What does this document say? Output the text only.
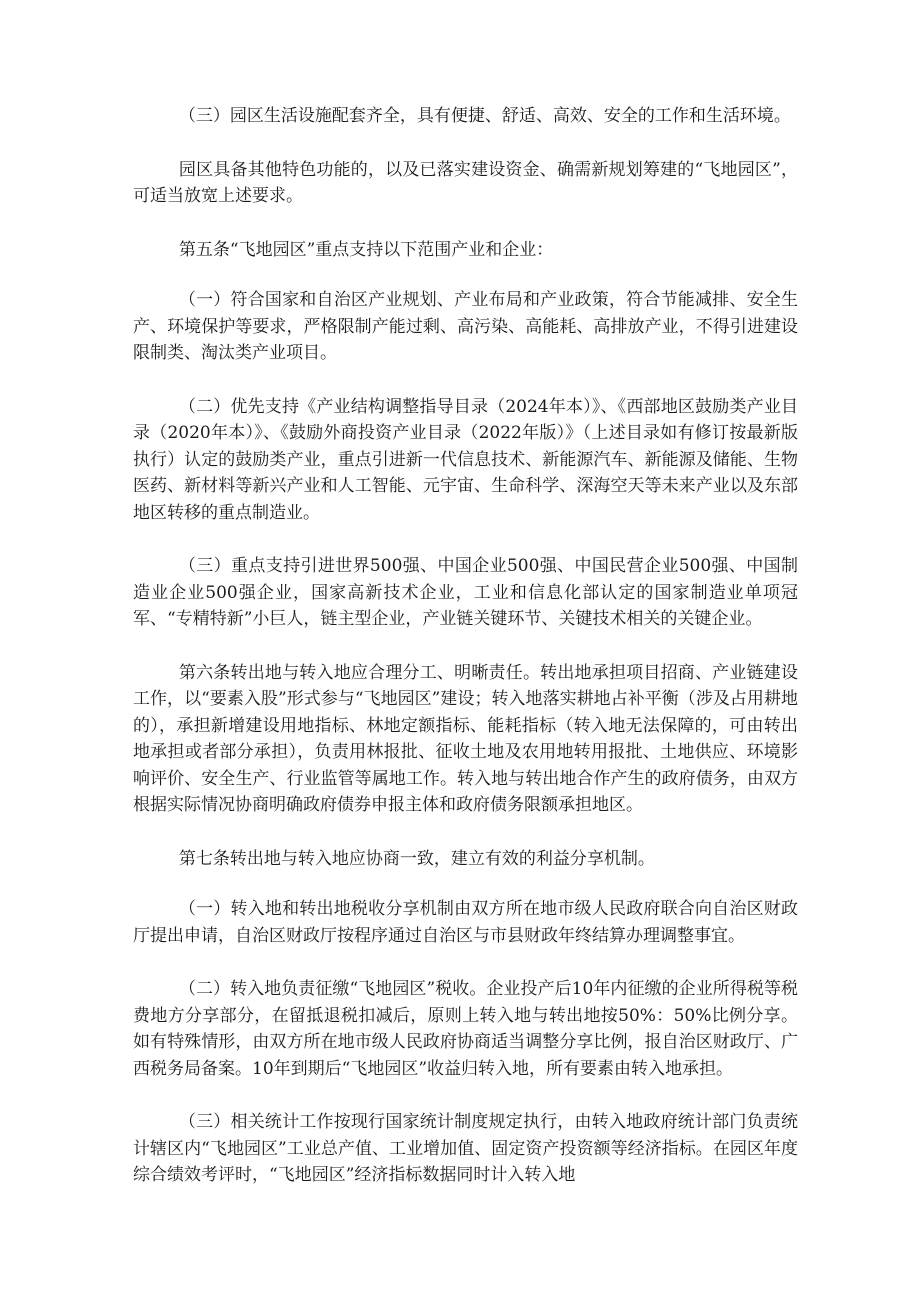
（三）园区生活设施配套齐全，具有便捷、舒适、高效、安全的工作和生活环境。

园区具备其他特色功能的，以及已落实建设资金、确需新规划筹建的“飞地园区”，可适当放宽上述要求。

第五条“飞地园区”重点支持以下范围产业和企业：

（一）符合国家和自治区产业规划、产业布局和产业政策，符合节能减排、安全生产、环境保护等要求，严格限制产能过剩、高污染、高能耗、高排放产业，不得引进建设限制类、淘汰类产业项目。

（二）优先支持《产业结构调整指导目录（2024年本）》、《西部地区鼓励类产业目录（2020年本）》、《鼓励外商投资产业目录（2022年版）》（上述目录如有修订按最新版执行）认定的鼓励类产业，重点引进新一代信息技术、新能源汽车、新能源及储能、生物医药、新材料等新兴产业和人工智能、元宇宙、生命科学、深海空天等未来产业以及东部地区转移的重点制造业。

（三）重点支持引进世界500强、中国企业500强、中国民营企业500强、中国制造业企业500强企业，国家高新技术企业，工业和信息化部认定的国家制造业单项冠军、“专精特新”小巨人，链主型企业，产业链关键环节、关键技术相关的关键企业。

第六条转出地与转入地应合理分工、明晰责任。转出地承担项目招商、产业链建设工作，以“要素入股”形式参与“飞地园区”建设；转入地落实耕地占补平衡（涉及占用耕地的），承担新增建设用地指标、林地定额指标、能耗指标（转入地无法保障的，可由转出地承担或者部分承担），负责用林报批、征收土地及农用地转用报批、土地供应、环境影响评价、安全生产、行业监管等属地工作。转入地与转出地合作产生的政府债务，由双方根据实际情况协商明确政府债券申报主体和政府债务限额承担地区。

第七条转出地与转入地应协商一致，建立有效的利益分享机制。

（一）转入地和转出地税收分享机制由双方所在地市级人民政府联合向自治区财政厅提出申请，自治区财政厅按程序通过自治区与市县财政年终结算办理调整事宜。

（二）转入地负责征缴“飞地园区”税收。企业投产后10年内征缴的企业所得税等税费地方分享部分，在留抵退税扣减后，原则上转入地与转出地按50%：50%比例分享。如有特殊情形，由双方所在地市级人民政府协商适当调整分享比例，报自治区财政厅、广西税务局备案。10年到期后“飞地园区”收益归转入地，所有要素由转入地承担。

（三）相关统计工作按现行国家统计制度规定执行，由转入地政府统计部门负责统计辖区内“飞地园区”工业总产值、工业增加值、固定资产投资额等经济指标。在园区年度综合绩效考评时，“飞地园区”经济指标数据同时计入转入地
